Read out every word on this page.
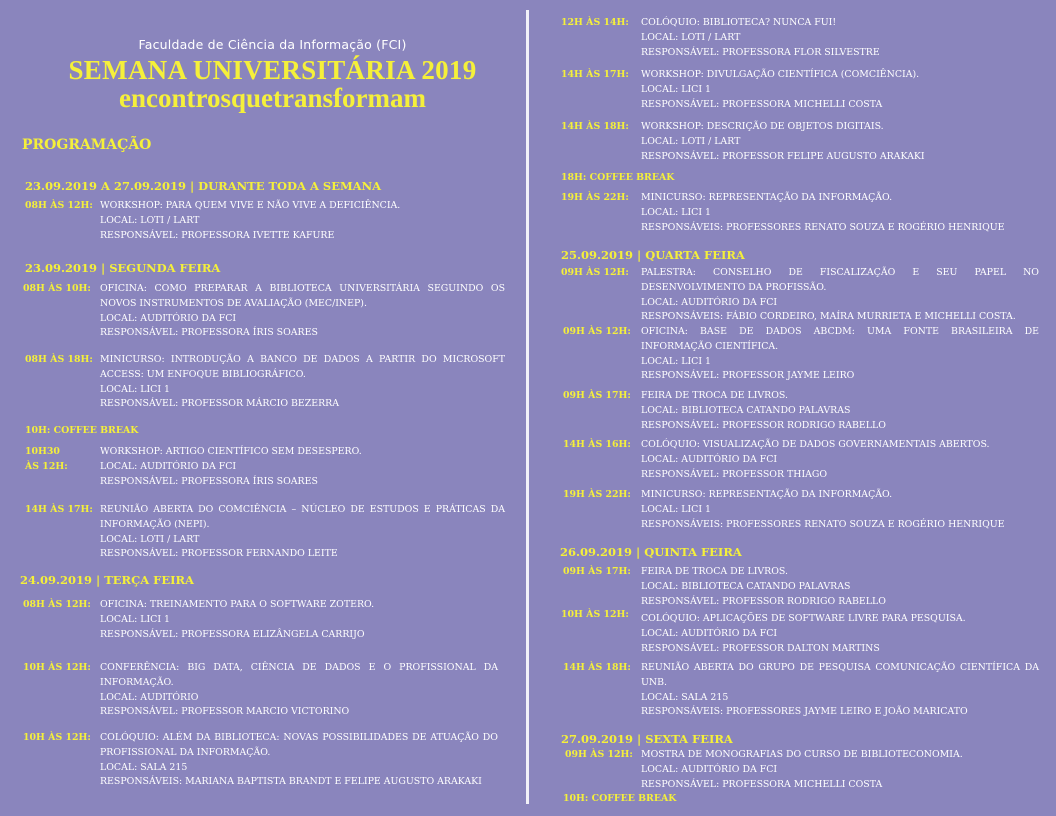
Faculdade de Ciência da Informação (FCI)
SEMANA UNIVERSITÁRIA 2019
encontrosquetransformam
PROGRAMAÇÃO
23.09.2019 A 27.09.2019 | DURANTE TODA A SEMANA
08H ÀS 12H: WORKSHOP: PARA QUEM VIVE E NÃO VIVE A DEFICIÊNCIA.
LOCAL: LOTI / LART
RESPONSÁVEL: PROFESSORA IVETTE KAFURE
23.09.2019 | SEGUNDA FEIRA
08H ÀS 10H: OFICINA: COMO PREPARAR A BIBLIOTECA UNIVERSITÁRIA SEGUINDO OS NOVOS INSTRUMENTOS DE AVALIAÇÃO (MEC/INEP).
LOCAL: AUDITÓRIO DA FCI
RESPONSÁVEL: PROFESSORA ÍRIS SOARES
08H ÀS 18H: MINICURSO: INTRODUÇÃO A BANCO DE DADOS A PARTIR DO MICROSOFT ACCESS: UM ENFOQUE BIBLIOGRÁFICO.
LOCAL: LICI 1
RESPONSÁVEL: PROFESSOR MÁRCIO BEZERRA
10H: COFFEE BREAK
10H30
ÀS 12H:
WORKSHOP: ARTIGO CIENTÍFICO SEM DESESPERO.
LOCAL: AUDITÓRIO DA FCI
RESPONSÁVEL: PROFESSORA ÍRIS SOARES
14H ÀS 17H: REUNIÃO ABERTA DO COMCIÊNCIA – NÚCLEO DE ESTUDOS E PRÁTICAS DA INFORMAÇÃO (NEPI).
LOCAL: LOTI / LART
RESPONSÁVEL: PROFESSOR FERNANDO LEITE
24.09.2019 | TERÇA FEIRA
08H ÀS 12H: OFICINA: TREINAMENTO PARA O SOFTWARE ZOTERO.
LOCAL: LICI 1
RESPONSÁVEL: PROFESSORA ELIZÂNGELA CARRIJO
10H ÀS 12H: CONFERÊNCIA: BIG DATA, CIÊNCIA DE DADOS E O PROFISSIONAL DA INFORMAÇÃO.
LOCAL: AUDITÓRIO
RESPONSÁVEL: PROFESSOR MARCIO VICTORINO
10H ÀS 12H: COLÓQUIO: ALÉM DA BIBLIOTECA: NOVAS POSSIBILIDADES DE ATUAÇÃO DO PROFISSIONAL DA INFORMAÇÃO.
LOCAL: SALA 215
RESPONSÁVEIS: MARIANA BAPTISTA BRANDT E FELIPE AUGUSTO ARAKAKI
12H ÀS 14H: COLÓQUIO: BIBLIOTECA? NUNCA FUI!
LOCAL: LOTI / LART
RESPONSÁVEL: PROFESSORA FLOR SILVESTRE
14H ÀS 17H: WORKSHOP: DIVULGAÇÃO CIENTÍFICA (COMCIÊNCIA).
LOCAL: LICI 1
RESPONSÁVEL: PROFESSORA MICHELLI COSTA
14H ÀS 18H: WORKSHOP: DESCRIÇÃO DE OBJETOS DIGITAIS.
LOCAL: LOTI / LART
RESPONSÁVEL: PROFESSOR FELIPE AUGUSTO ARAKAKI
18H: COFFEE BREAK
19H ÀS 22H: MINICURSO: REPRESENTAÇÃO DA INFORMAÇÃO.
LOCAL: LICI 1
RESPONSÁVEIS: PROFESSORES RENATO SOUZA E ROGÉRIO HENRIQUE
25.09.2019 | QUARTA FEIRA
09H ÀS 12H: PALESTRA: CONSELHO DE FISCALIZAÇÃO E SEU PAPEL NO DESENVOLVIMENTO DA PROFISSÃO.
LOCAL: AUDITÓRIO DA FCI
RESPONSÁVEIS: FÁBIO CORDEIRO, MAÍRA MURRIETA E MICHELLI COSTA.
09H ÀS 12H: OFICINA: BASE DE DADOS ABCDM: UMA FONTE BRASILEIRA DE INFORMAÇÃO CIENTÍFICA.
LOCAL: LICI 1
RESPONSÁVEL: PROFESSOR JAYME LEIRO
09H ÀS 17H: FEIRA DE TROCA DE LIVROS.
LOCAL: BIBLIOTECA CATANDO PALAVRAS
RESPONSÁVEL: PROFESSOR RODRIGO RABELLO
14H ÀS 16H: COLÓQUIO: VISUALIZAÇÃO DE DADOS GOVERNAMENTAIS ABERTOS.
LOCAL: AUDITÓRIO DA FCI
RESPONSÁVEL: PROFESSOR THIAGO
19H ÀS 22H: MINICURSO: REPRESENTAÇÃO DA INFORMAÇÃO.
LOCAL: LICI 1
RESPONSÁVEIS: PROFESSORES RENATO SOUZA E ROGÉRIO HENRIQUE
26.09.2019 | QUINTA FEIRA
09H ÀS 17H: FEIRA DE TROCA DE LIVROS.
LOCAL: BIBLIOTECA CATANDO PALAVRAS
RESPONSÁVEL: PROFESSOR RODRIGO RABELLO
10H ÀS 12H: COLÓQUIO: APLICAÇÕES DE SOFTWARE LIVRE PARA PESQUISA.
LOCAL: AUDITÓRIO DA FCI
RESPONSÁVEL: PROFESSOR DALTON MARTINS
14H ÀS 18H: REUNIÃO ABERTA DO GRUPO DE PESQUISA COMUNICAÇÃO CIENTÍFICA DA UNB.
LOCAL: SALA 215
RESPONSÁVEIS: PROFESSORES JAYME LEIRO E JOÃO MARICATO
27.09.2019 | SEXTA FEIRA
09H ÀS 12H: MOSTRA DE MONOGRAFIAS DO CURSO DE BIBLIOTECONOMIA.
LOCAL: AUDITÓRIO DA FCI
RESPONSÁVEL: PROFESSORA MICHELLI COSTA
10H: COFFEE BREAK
